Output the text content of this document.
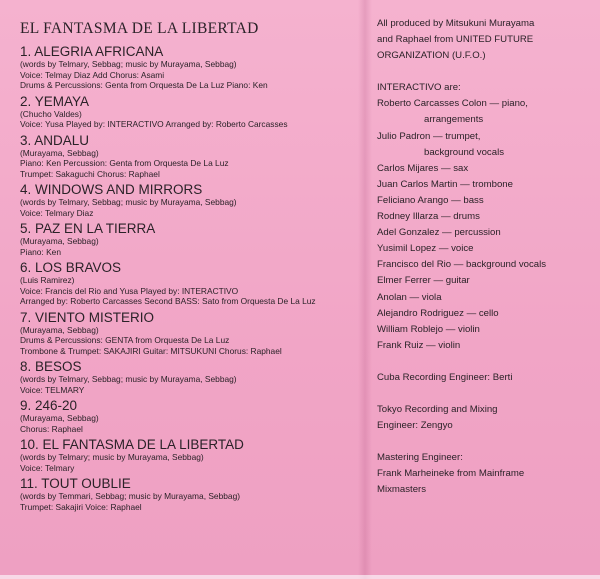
EL FANTASMA DE LA LIBERTAD
1. ALEGRIA AFRICANA
(words by Telmary, Sebbag; music by Murayama, Sebbag)
Voice: Telmay Diaz Add Chorus: Asami
Drums & Percussions: Genta from Orquesta De La Luz Piano: Ken
2. YEMAYA
(Chucho Valdes)
Voice: Yusa Played by: INTERACTIVO Arranged by: Roberto Carcasses
3. ANDALU
(Murayama, Sebbag)
Piano: Ken Percussion: Genta from Orquesta De La Luz
Trumpet: Sakaguchi Chorus: Raphael
4. WINDOWS AND MIRRORS
(words by Telmary, Sebbag; music by Murayama, Sebbag)
Voice: Telmary Diaz
5. PAZ EN LA TIERRA
(Murayama, Sebbag)
Piano: Ken
6. LOS BRAVOS
(Luis Ramirez)
Voice: Francis del Rio and Yusa Played by: INTERACTIVO
Arranged by: Roberto Carcasses Second BASS: Sato from Orquesta De La Luz
7. VIENTO MISTERIO
(Murayama, Sebbag)
Drums & Percussions: GENTA from Orquesta De La Luz
Trombone & Trumpet: SAKAJIRI Guitar: MITSUKUNI Chorus: Raphael
8. BESOS
(words by Telmary, Sebbag; music by Murayama, Sebbag)
Voice: TELMARY
9. 246-20
(Murayama, Sebbag)
Chorus: Raphael
10. EL FANTASMA DE LA LIBERTAD
(words by Telmary; music by Murayama, Sebbag)
Voice: Telmary
11. TOUT OUBLIE
(words by Temmari, Sebbag; music by Murayama, Sebbag)
Trumpet: Sakajiri Voice: Raphael
All produced by Mitsukuni Murayama
and Raphael from UNITED FUTURE
ORGANIZATION (U.F.O.)
INTERACTIVO are:
Roberto Carcasses Colon — piano,
arrangements
Julio Padron — trumpet,
background vocals
Carlos Mijares — sax
Juan Carlos Martin — trombone
Feliciano Arango — bass
Rodney Illarza — drums
Adel Gonzalez — percussion
Yusimil Lopez — voice
Francisco del Rio — background vocals
Elmer Ferrer — guitar
Anolan — viola
Alejandro Rodriguez — cello
William Roblejo — violin
Frank Ruiz — violin
Cuba Recording Engineer: Berti
Tokyo Recording and Mixing
Engineer: Zengyo
Mastering Engineer:
Frank Marheineke from Mainframe
Mixmasters
